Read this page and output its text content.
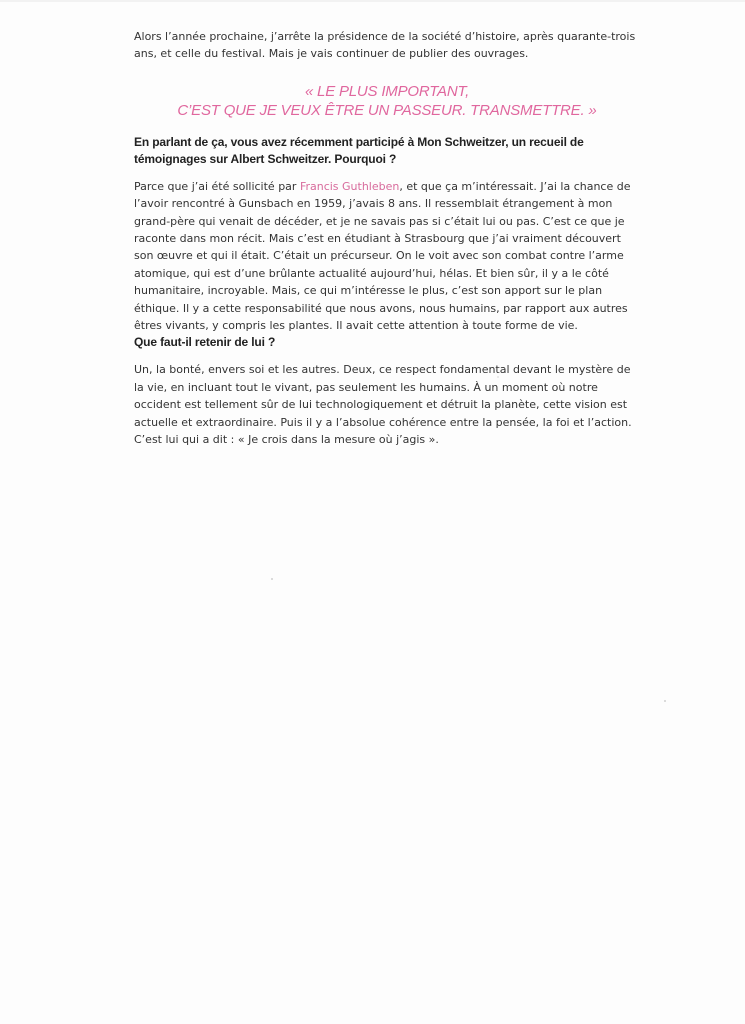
Alors l’année prochaine, j’arrête la présidence de la société d’histoire, après quarante-trois ans, et celle du festival. Mais je vais continuer de publier des ouvrages.

« LE PLUS IMPORTANT,
C’EST QUE JE VEUX ÊTRE UN PASSEUR. TRANSMETTRE. »
En parlant de ça, vous avez récemment participé à Mon Schweitzer, un recueil de témoignages sur Albert Schweitzer. Pourquoi ?

Parce que j’ai été sollicité par Francis Guthleben, et que ça m’intéressait. J’ai la chance de l’avoir rencontré à Gunsbach en 1959, j’avais 8 ans. Il ressemblait étrangement à mon grand-père qui venait de décéder, et je ne savais pas si c’était lui ou pas. C’est ce que je raconte dans mon récit. Mais c’est en étudiant à Strasbourg que j’ai vraiment découvert son œuvre et qui il était. C’était un précurseur. On le voit avec son combat contre l’arme atomique, qui est d’une brûlante actualité aujourd’hui, hélas. Et bien sûr, il y a le côté humanitaire, incroyable. Mais, ce qui m’intéresse le plus, c’est son apport sur le plan éthique. Il y a cette responsabilité que nous avons, nous humains, par rapport aux autres êtres vivants, y compris les plantes. Il avait cette attention à toute forme de vie.

Que faut-il retenir de lui ?

Un, la bonté, envers soi et les autres. Deux, ce respect fondamental devant le mystère de la vie, en incluant tout le vivant, pas seulement les humains. À un moment où notre occident est tellement sûr de lui technologiquement et détruit la planète, cette vision est actuelle et extraordinaire. Puis il y a l’absolue cohérence entre la pensée, la foi et l’action. C’est lui qui a dit : « Je crois dans la mesure où j’agis ».
